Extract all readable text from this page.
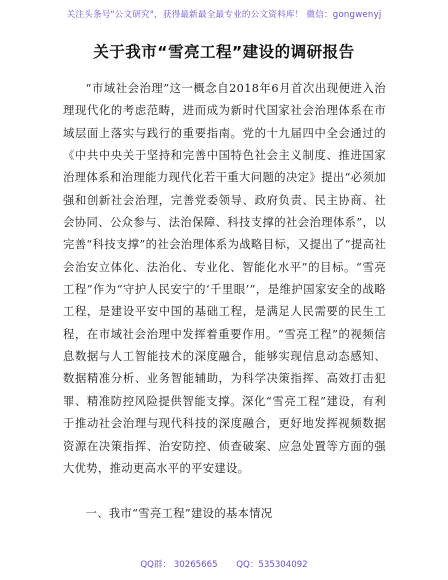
关注头条号"公文研究"，获得最新最全最专业的公文资料库！ 微信：gongwenyj
关于我市“雪亮工程”建设的调研报告
“市域社会治理”这一概念自2018年6月首次出现便进入治理现代化的考虑范畴，进而成为新时代国家社会治理体系在市域层面上落实与践行的重要指南。党的十九届四中全会通过的《中共中央关于坚持和完善中国特色社会主义制度、推进国家治理体系和治理能力现代化若干重大问题的决定》提出“必须加强和创新社会治理，完善党委领导、政府负责、民主协商、社会协同、公众参与、法治保障、科技支撑的社会治理体系”，以完善“科技支撑”的社会治理体系为战略目标，又提出了“提高社会治安立体化、法治化、专业化、智能化水平”的目标。“雪亮工程”作为“守护人民安宁的‘千里眼’”，是维护国家安全的战略工程，是建设平安中国的基础工程，是满足人民需要的民生工程，在市域社会治理中发挥着重要作用。“雪亮工程”的视频信息数据与人工智能技术的深度融合，能够实现信息动态感知、数据精准分析、业务智能辅助，为科学决策指挥、高效打击犯罪、精准防控风险提供智能支撑。深化“雪亮工程”建设，有利于推动社会治理与现代科技的深度融合，更好地发挥视频数据资源在决策指挥、治安防控、侦查破案、应急处置等方面的强大优势，推动更高水平的平安建设。
一、我市“雪亮工程”建设的基本情况
QQ群： 30265665 QQ：535304092
